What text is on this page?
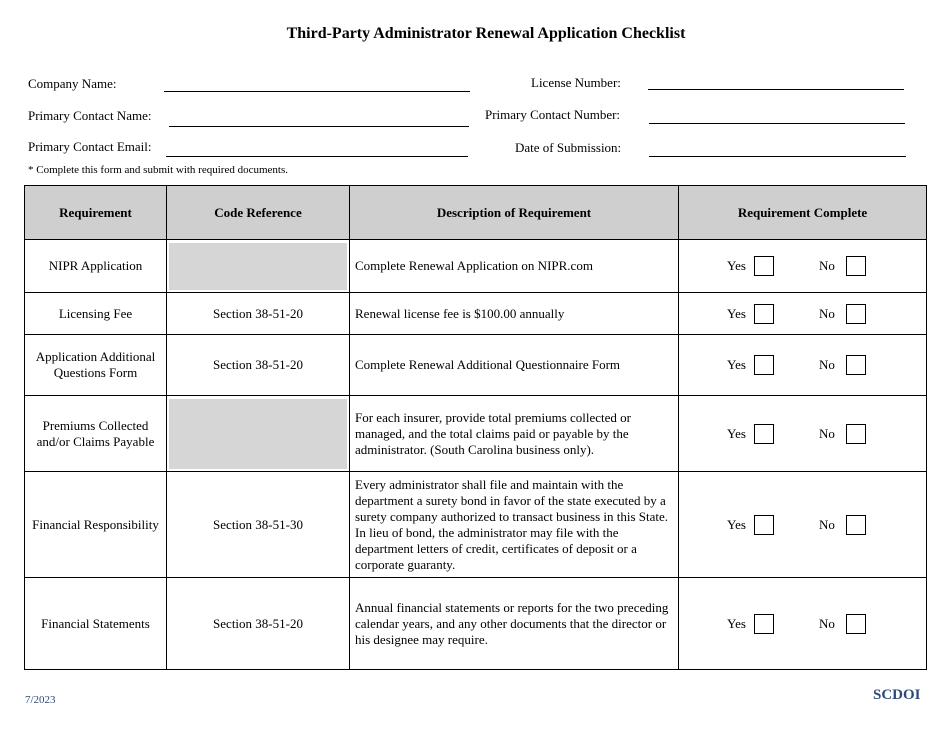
Third-Party Administrator Renewal Application Checklist
Company Name:
Primary Contact Name:
Primary Contact Email:
License Number:
Primary Contact Number:
Date of Submission:
* Complete this form and submit with required documents.
Requirement	Code Reference	Description of Requirement	Requirement Complete
NIPR Application		Complete Renewal Application on NIPR.com	Yes No

Licensing Fee	Section 38-51-20	Renewal license fee is $100.00 annually	Yes No

Application Additional Questions Form	Section 38-51-20	Complete Renewal Additional Questionnaire Form	Yes No

Premiums Collected and/or Claims Payable		For each insurer, provide total premiums collected or managed, and the total claims paid or payable by the administrator. (South Carolina business only).	Yes No

Financial Responsibility	Section 38-51-30	Every administrator shall file and maintain with the department a surety bond in favor of the state executed by a surety company authorized to transact business in this State. In lieu of bond, the administrator may file with the department letters of credit, certificates of deposit or a corporate guaranty.	Yes No

Financial Statements	Section 38-51-20	Annual financial statements or reports for the two preceding calendar years, and any other documents that the director or his designee may require.	Yes No
7/2023	SCDOI
